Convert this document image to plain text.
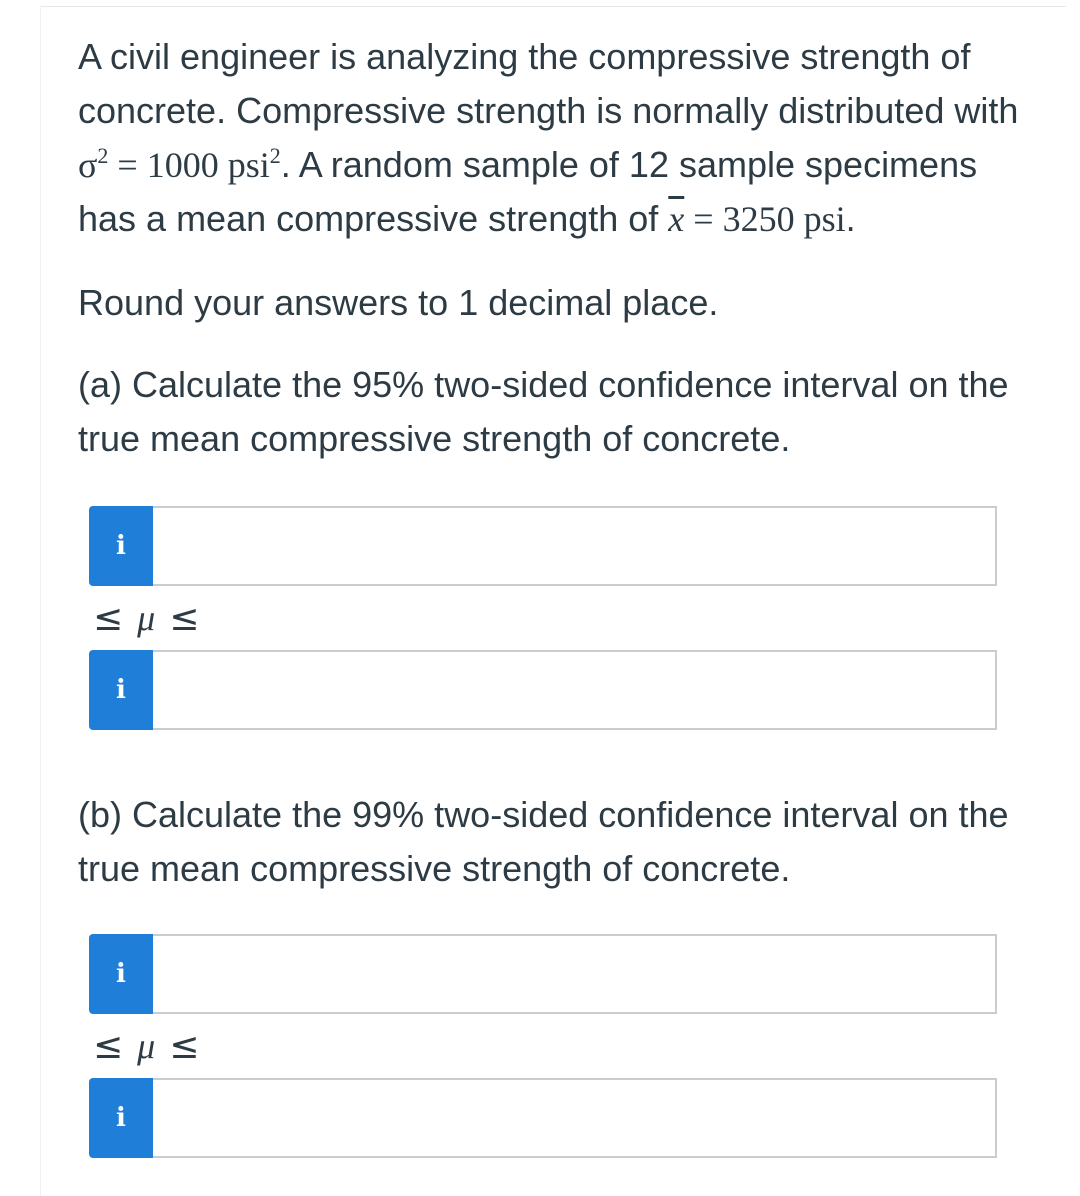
A civil engineer is analyzing the compressive strength of concrete. Compressive strength is normally distributed with $\sigma^2 = 1000$ psi$^2$. A random sample of 12 sample specimens has a mean compressive strength of $\overline{x} = 3250$ psi.

Round your answers to 1 decimal place.

(a) Calculate the 95% two-sided confidence interval on the true mean compressive strength of concrete.

i
≤ μ ≤
i

(b) Calculate the 99% two-sided confidence interval on the true mean compressive strength of concrete.

i
≤ μ ≤
i
